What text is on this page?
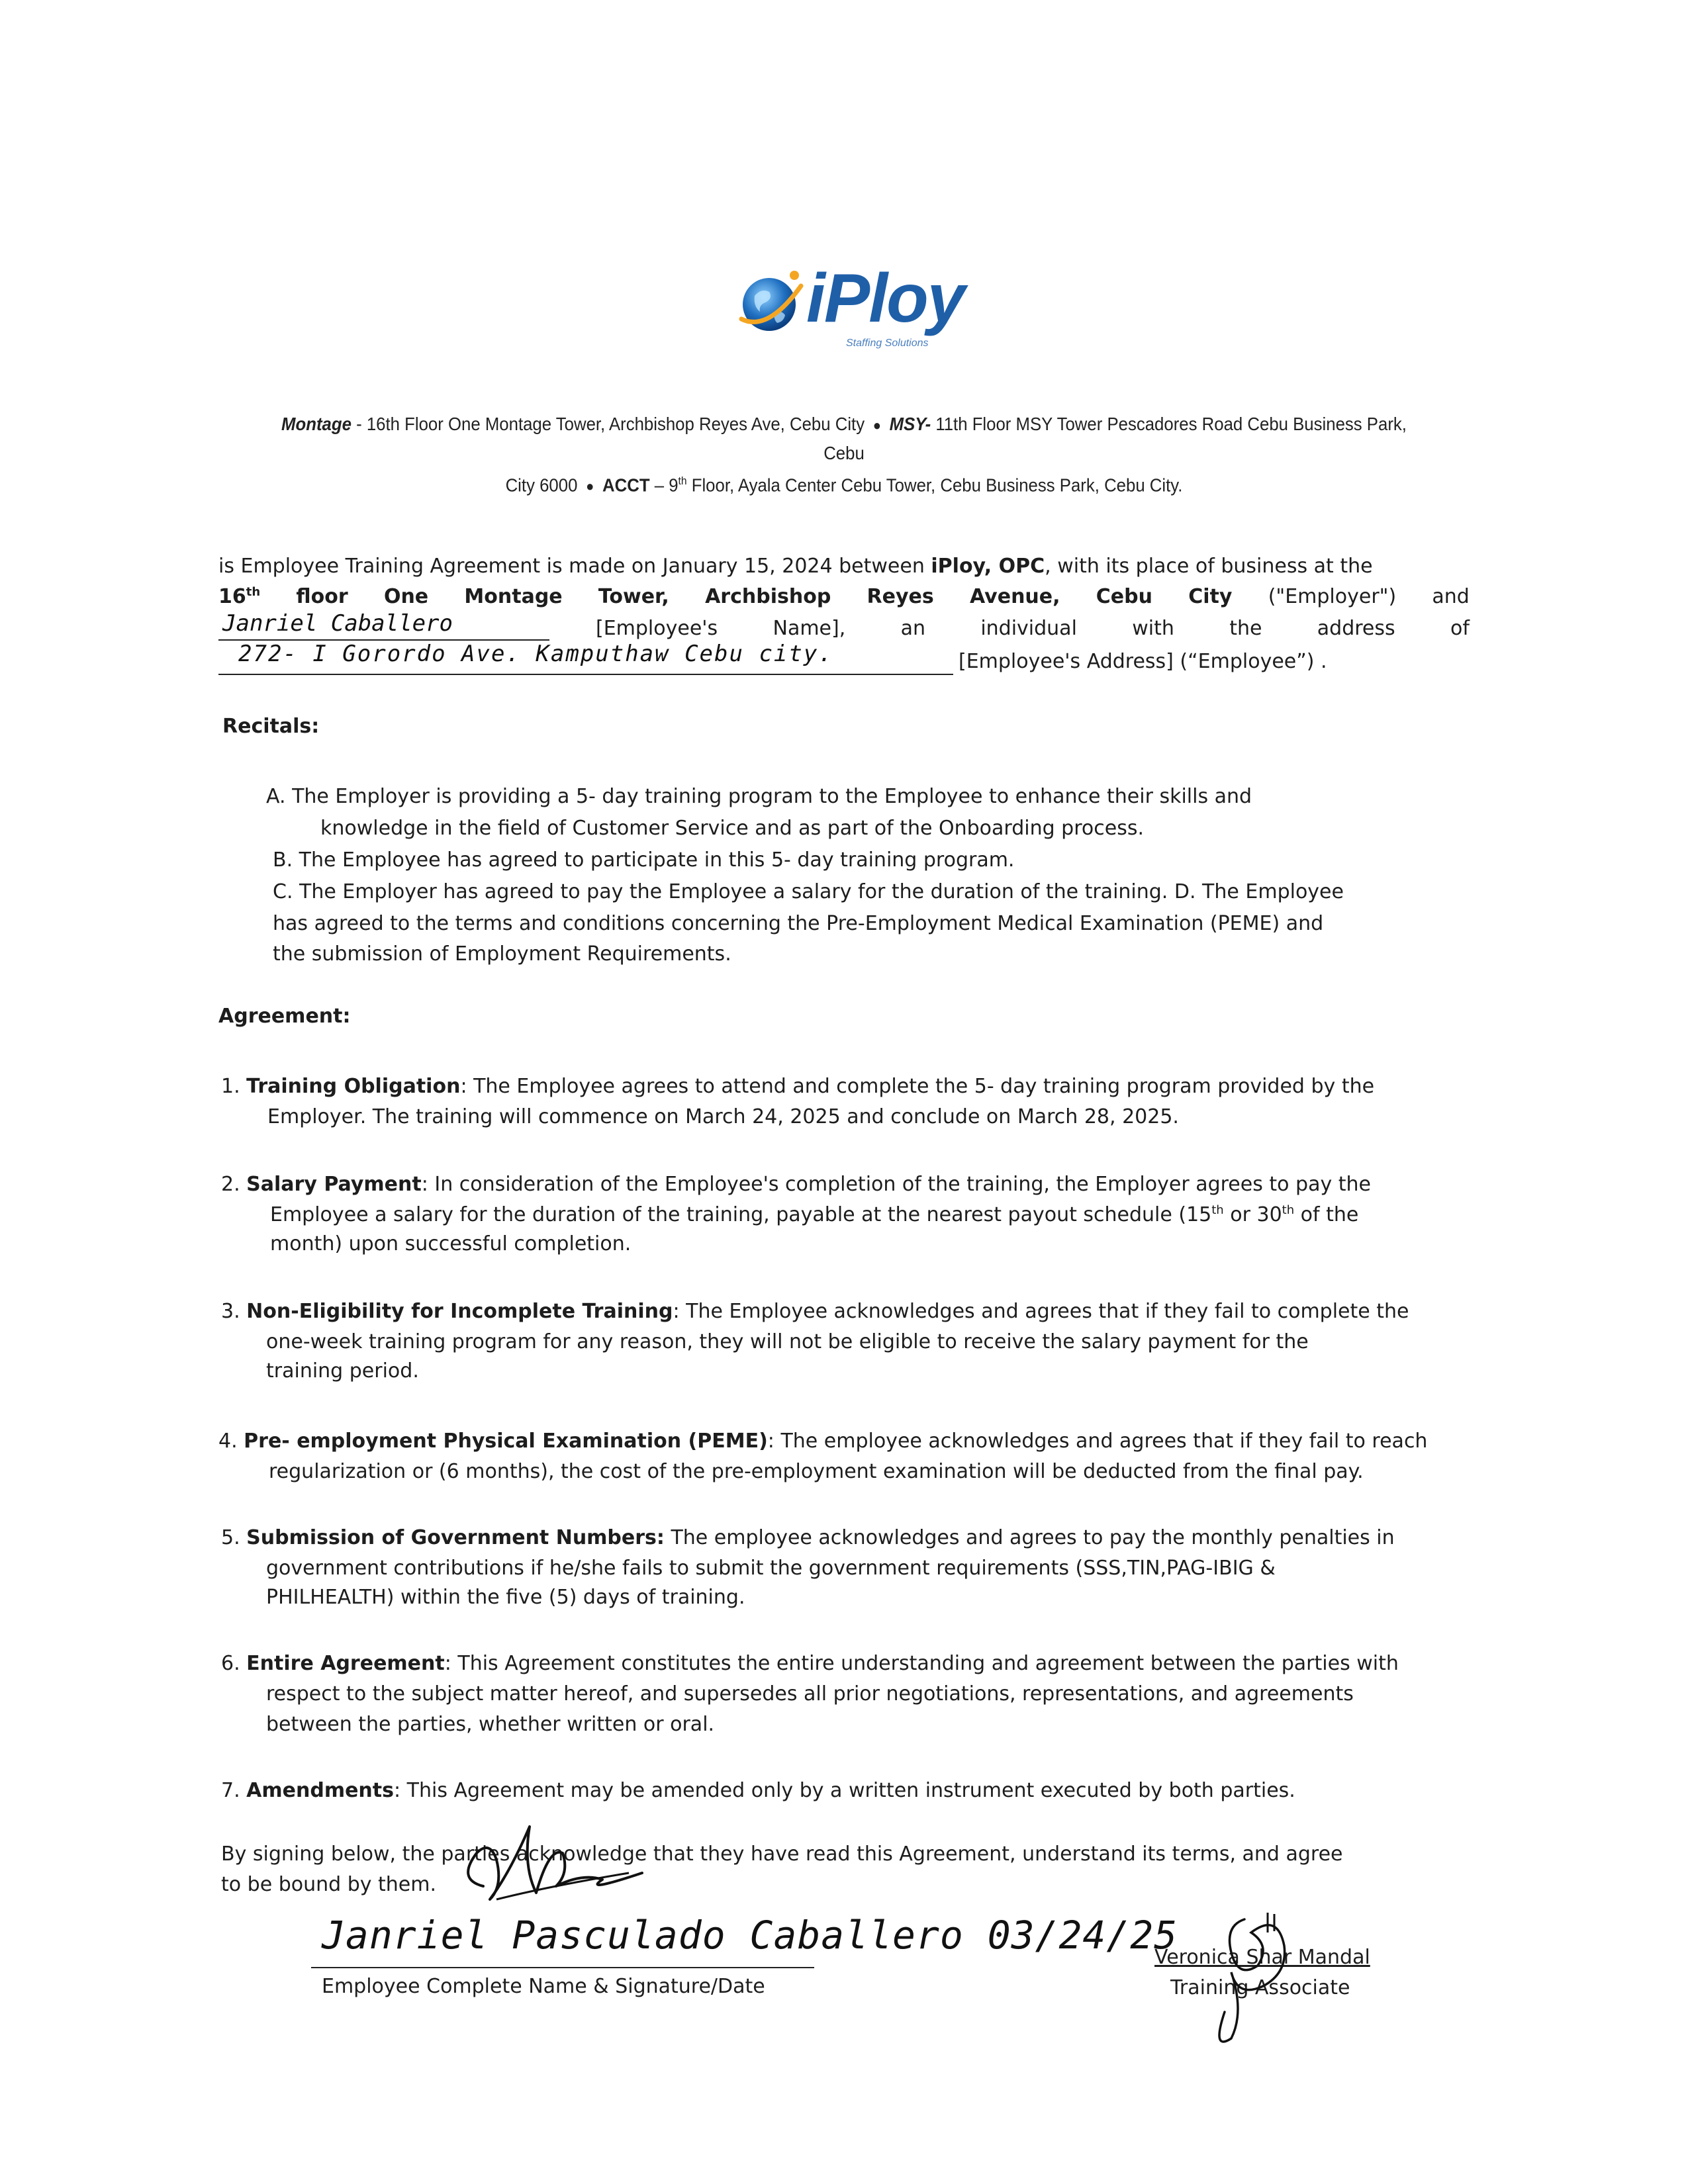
iPloy
Staffing Solutions
Montage - 16th Floor One Montage Tower, Archbishop Reyes Ave, Cebu City ● MSY- 11th Floor MSY Tower Pescadores Road Cebu Business Park, Cebu
City 6000 ● ACCT – 9th Floor, Ayala Center Cebu Tower, Cebu Business Park, Cebu City.
is Employee Training Agreement is made on January 15, 2024 between iPloy, OPC, with its place of business at the
16th floor One Montage Tower, Archbishop Reyes Avenue, Cebu City ("Employer") and
Janriel Caballero	[Employee's	Name],	an	individual	with	the	address	of
272- I Gorordo Ave. Kamputhaw Cebu city.	[Employee's Address] (“Employee”) .
Recitals:
A. The Employer is providing a 5- day training program to the Employee to enhance their skills and
knowledge in the field of Customer Service and as part of the Onboarding process.
B. The Employee has agreed to participate in this 5- day training program.
C. The Employer has agreed to pay the Employee a salary for the duration of the training. D. The Employee
has agreed to the terms and conditions concerning the Pre-Employment Medical Examination (PEME) and
the submission of Employment Requirements.
Agreement:
1. Training Obligation: The Employee agrees to attend and complete the 5- day training program provided by the
Employer. The training will commence on March 24, 2025 and conclude on March 28, 2025.
2. Salary Payment: In consideration of the Employee's completion of the training, the Employer agrees to pay the
Employee a salary for the duration of the training, payable at the nearest payout schedule (15th or 30th of the
month) upon successful completion.
3. Non-Eligibility for Incomplete Training: The Employee acknowledges and agrees that if they fail to complete the
one-week training program for any reason, they will not be eligible to receive the salary payment for the
training period.
4. Pre- employment Physical Examination (PEME): The employee acknowledges and agrees that if they fail to reach
regularization or (6 months), the cost of the pre-employment examination will be deducted from the final pay.
5. Submission of Government Numbers: The employee acknowledges and agrees to pay the monthly penalties in
government contributions if he/she fails to submit the government requirements (SSS,TIN,PAG-IBIG &
PHILHEALTH) within the five (5) days of training.
6. Entire Agreement: This Agreement constitutes the entire understanding and agreement between the parties with
respect to the subject matter hereof, and supersedes all prior negotiations, representations, and agreements
between the parties, whether written or oral.
7. Amendments: This Agreement may be amended only by a written instrument executed by both parties.
By signing below, the parties acknowledge that they have read this Agreement, understand its terms, and agree
to be bound by them.
Janriel Pasculado Caballero 03/24/25
Employee Complete Name & Signature/Date
Veronica Shar Mandal
Training Associate
